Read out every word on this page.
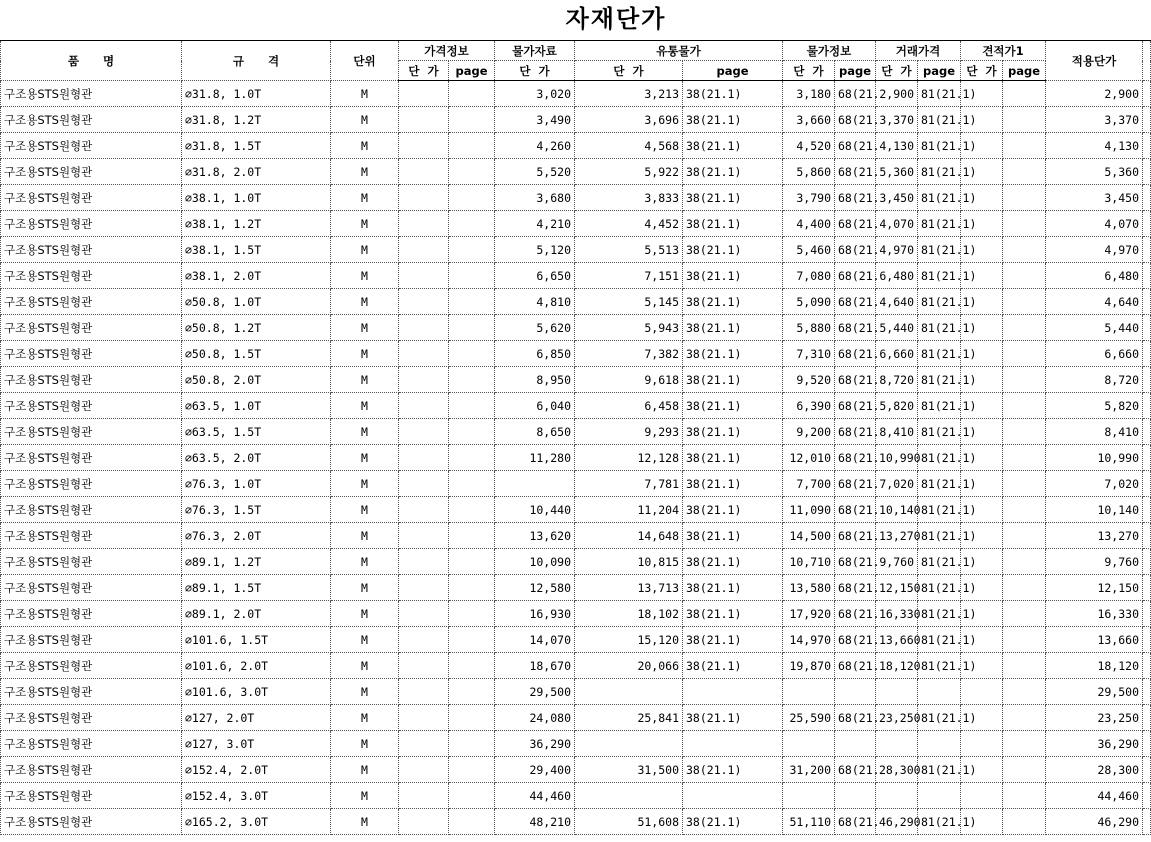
자재단가
품      명	규      격	단위	가격정보		물가자료	유통물가		물가정보		거래가격		견적가1		적용단가	
			단  가	page	단  가	단  가	page	단  가	page	단  가	page	단  가	page		
구조용STS원형관	∅31.8, 1.0T	M			3,020	3,213	38(21.1)	3,180	68(21.	2,900	81(21.1)			2,900	
구조용STS원형관	∅31.8, 1.2T	M			3,490	3,696	38(21.1)	3,660	68(21.	3,370	81(21.1)			3,370	
구조용STS원형관	∅31.8, 1.5T	M			4,260	4,568	38(21.1)	4,520	68(21.	4,130	81(21.1)			4,130	
구조용STS원형관	∅31.8, 2.0T	M			5,520	5,922	38(21.1)	5,860	68(21.	5,360	81(21.1)			5,360	
구조용STS원형관	∅38.1, 1.0T	M			3,680	3,833	38(21.1)	3,790	68(21.	3,450	81(21.1)			3,450	
구조용STS원형관	∅38.1, 1.2T	M			4,210	4,452	38(21.1)	4,400	68(21.	4,070	81(21.1)			4,070	
구조용STS원형관	∅38.1, 1.5T	M			5,120	5,513	38(21.1)	5,460	68(21.	4,970	81(21.1)			4,970	
구조용STS원형관	∅38.1, 2.0T	M			6,650	7,151	38(21.1)	7,080	68(21.	6,480	81(21.1)			6,480	
구조용STS원형관	∅50.8, 1.0T	M			4,810	5,145	38(21.1)	5,090	68(21.	4,640	81(21.1)			4,640	
구조용STS원형관	∅50.8, 1.2T	M			5,620	5,943	38(21.1)	5,880	68(21.	5,440	81(21.1)			5,440	
구조용STS원형관	∅50.8, 1.5T	M			6,850	7,382	38(21.1)	7,310	68(21.	6,660	81(21.1)			6,660	
구조용STS원형관	∅50.8, 2.0T	M			8,950	9,618	38(21.1)	9,520	68(21.	8,720	81(21.1)			8,720	
구조용STS원형관	∅63.5, 1.0T	M			6,040	6,458	38(21.1)	6,390	68(21.	5,820	81(21.1)			5,820	
구조용STS원형관	∅63.5, 1.5T	M			8,650	9,293	38(21.1)	9,200	68(21.	8,410	81(21.1)			8,410	
구조용STS원형관	∅63.5, 2.0T	M			11,280	12,128	38(21.1)	12,010	68(21.	10,990	81(21.1)			10,990	
구조용STS원형관	∅76.3, 1.0T	M				7,781	38(21.1)	7,700	68(21.	7,020	81(21.1)			7,020	
구조용STS원형관	∅76.3, 1.5T	M			10,440	11,204	38(21.1)	11,090	68(21.	10,140	81(21.1)			10,140	
구조용STS원형관	∅76.3, 2.0T	M			13,620	14,648	38(21.1)	14,500	68(21.	13,270	81(21.1)			13,270	
구조용STS원형관	∅89.1, 1.2T	M			10,090	10,815	38(21.1)	10,710	68(21.	9,760	81(21.1)			9,760	
구조용STS원형관	∅89.1, 1.5T	M			12,580	13,713	38(21.1)	13,580	68(21.	12,150	81(21.1)			12,150	
구조용STS원형관	∅89.1, 2.0T	M			16,930	18,102	38(21.1)	17,920	68(21.	16,330	81(21.1)			16,330	
구조용STS원형관	∅101.6, 1.5T	M			14,070	15,120	38(21.1)	14,970	68(21.	13,660	81(21.1)			13,660	
구조용STS원형관	∅101.6, 2.0T	M			18,670	20,066	38(21.1)	19,870	68(21.	18,120	81(21.1)			18,120	
구조용STS원형관	∅101.6, 3.0T	M			29,500									29,500	
구조용STS원형관	∅127, 2.0T	M			24,080	25,841	38(21.1)	25,590	68(21.	23,250	81(21.1)			23,250	
구조용STS원형관	∅127, 3.0T	M			36,290									36,290	
구조용STS원형관	∅152.4, 2.0T	M			29,400	31,500	38(21.1)	31,200	68(21.	28,300	81(21.1)			28,300	
구조용STS원형관	∅152.4, 3.0T	M			44,460									44,460	
구조용STS원형관	∅165.2, 3.0T	M			48,210	51,608	38(21.1)	51,110	68(21.	46,290	81(21.1)			46,290	
